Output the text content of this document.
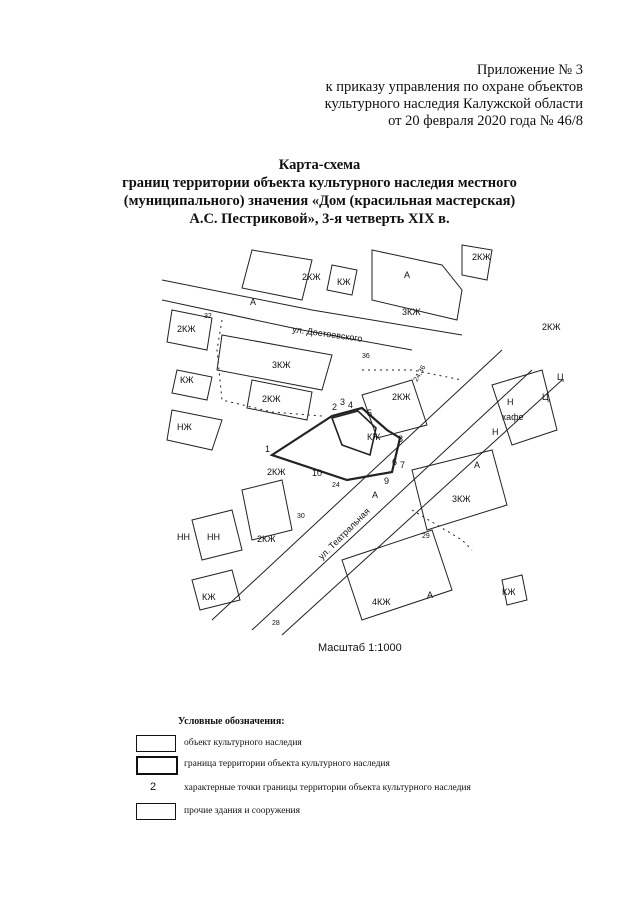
Приложение № 3
к приказу управления по охране объектов
культурного наследия Калужской области
от 20 февраля 2020 года № 46/8
Карта-схема
границ территории объекта культурного наследия местного
(муниципального) значения «Дом (красильная мастерская)
А.С. Пестриковой», 3-я четверть XIX в.
2КЖ КЖ
А
3КЖ
2КЖ
КЖ
НЖ
3КЖ
2КЖ	2КЖ
КЖ
2КЖ
Ц
кафе
Н
А
3КЖ
2КЖ
НН НН
КЖ	4КЖ
А
А
А
Ц
Н
2КЖ
2КЖ
КЖ
ул. Достоевского
ул. Театральная
1
2 3 4
5
6 7
8
9
10
24
30
29
32
36
24,36
28
Масштаб 1:1000
Условные обозначения:
объект культурного наследия
граница территории объекта культурного наследия
2	характерные точки границы территории объекта культурного наследия
прочие здания и сооружения
